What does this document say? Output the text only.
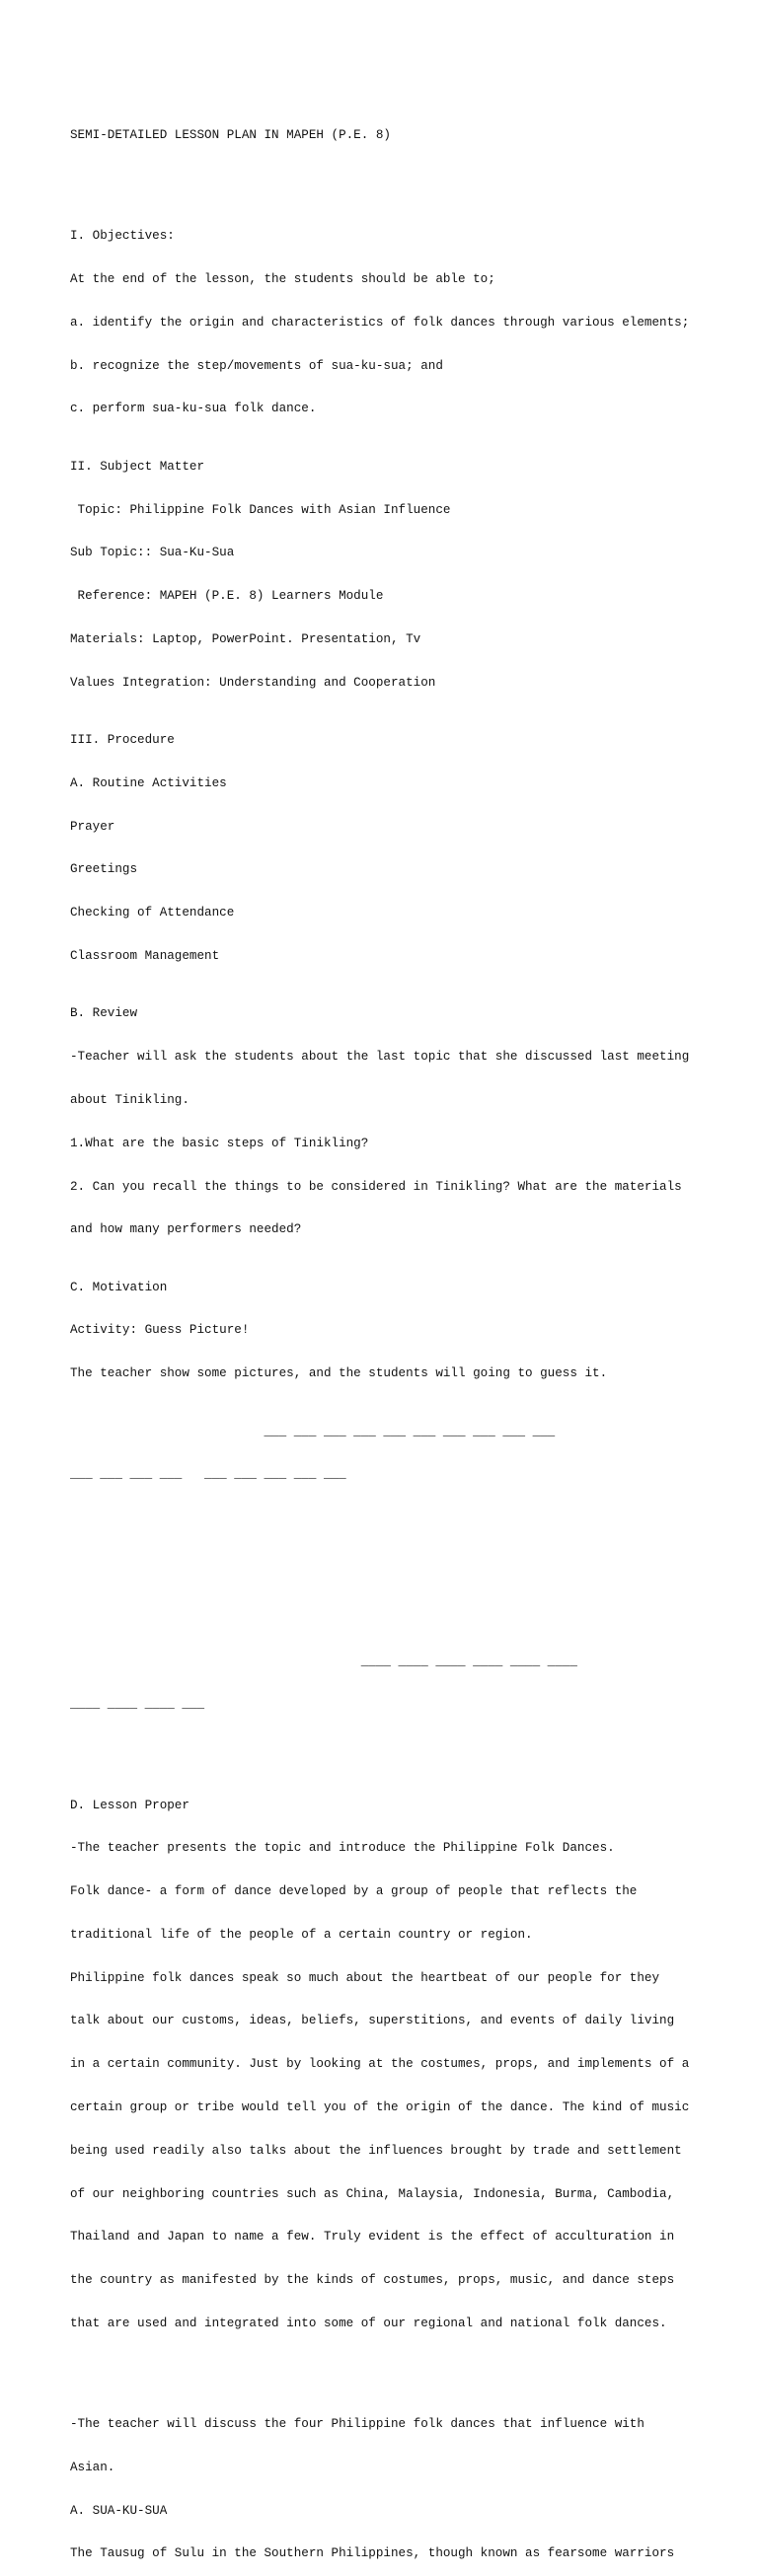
SEMI-DETAILED LESSON PLAN IN MAPEH (P.E. 8)

I. Objectives:

At the end of the lesson, the students should be able to;

a. identify the origin and characteristics of folk dances through various elements;

b. recognize the step/movements of sua-ku-sua; and

c. perform sua-ku-sua folk dance.

II. Subject Matter

Topic: Philippine Folk Dances with Asian Influence

Sub Topic:: Sua-Ku-Sua

Reference: MAPEH (P.E. 8) Learners Module

Materials: Laptop, PowerPoint. Presentation, Tv

Values Integration: Understanding and Cooperation

III. Procedure

A. Routine Activities

Prayer

Greetings

Checking of Attendance

Classroom Management

B. Review

-Teacher will ask the students about the last topic that she discussed last meeting

about Tinikling.

1.What are the basic steps of Tinikling?

2. Can you recall the things to be considered in Tinikling? What are the materials

and how many performers needed?

C. Motivation

Activity: Guess Picture!

The teacher show some pictures, and the students will going to guess it.

___ ___ ___ ___ ___ ___ ___ ___ ___ ___

___ ___ ___ ___   ___ ___ ___ ___ ___

____ ____ ____ ____ ____ ____

____ ____ ____ ___

D. Lesson Proper

-The teacher presents the topic and introduce the Philippine Folk Dances.

Folk dance- a form of dance developed by a group of people that reflects the

traditional life of the people of a certain country or region.

Philippine folk dances speak so much about the heartbeat of our people for they

talk about our customs, ideas, beliefs, superstitions, and events of daily living

in a certain community. Just by looking at the costumes, props, and implements of a

certain group or tribe would tell you of the origin of the dance. The kind of music

being used readily also talks about the influences brought by trade and settlement

of our neighboring countries such as China, Malaysia, Indonesia, Burma, Cambodia,

Thailand and Japan to name a few. Truly evident is the effect of acculturation in

the country as manifested by the kinds of costumes, props, music, and dance steps

that are used and integrated into some of our regional and national folk dances.

-The teacher will discuss the four Philippine folk dances that influence with

Asian.

A. SUA-KU-SUA

The Tausug of Sulu in the Southern Philippines, though known as fearsome warriors
